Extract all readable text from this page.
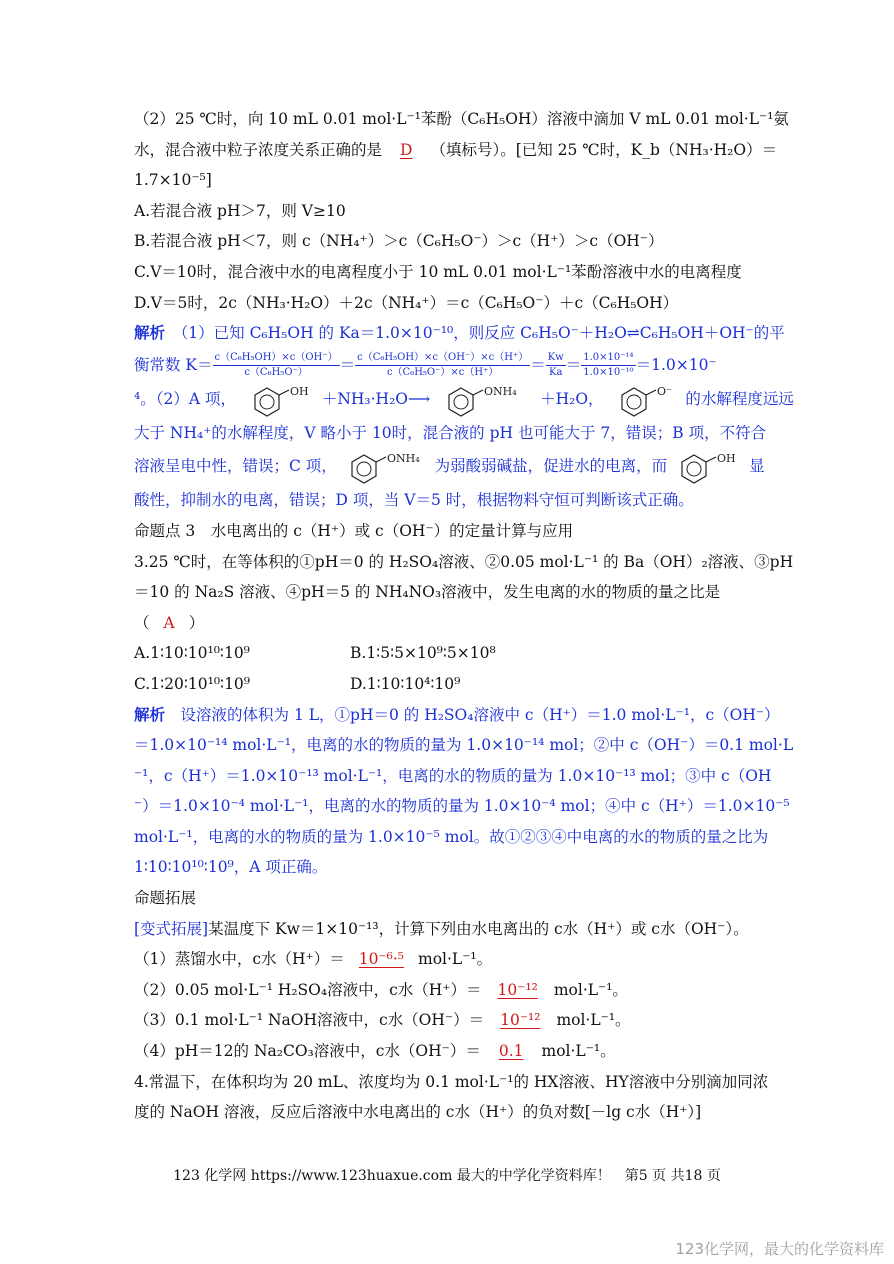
（2）25 ℃时，向 10 mL 0.01 mol·L⁻¹苯酚（C₆H₅OH）溶液中滴加 V mL 0.01 mol·L⁻¹氨
水，混合液中粒子浓度关系正确的是 D （填标号）。[已知 25 ℃时，K_b（NH₃·H₂O）＝
1.7×10⁻⁵]
A.若混合液 pH＞7，则 V≥10
B.若混合液 pH＜7，则 c（NH₄⁺）＞c（C₆H₅O⁻）＞c（H⁺）＞c（OH⁻）
C.V＝10时，混合液中水的电离程度小于 10 mL 0.01 mol·L⁻¹苯酚溶液中水的电离程度
D.V＝5时，2c（NH₃·H₂O）＋2c（NH₄⁺）＝c（C₆H₅O⁻）＋c（C₆H₅OH）
解析　 （1）已知 C₆H₅OH 的 Ka＝1.0×10⁻¹⁰，则反应 C₆H₅O⁻＋H₂O⇌C₆H₅OH＋OH⁻的平
衡常数 $K= \frac{\text{c（C₆H₅OH）×c（OH⁻）}}{\text{c（C₆H₅O⁻）}} = \frac{\text{c（C₆H₅OH）×c（OH⁻）×c（H⁺）}}{\text{c（C₆H₅O⁻）×c（H⁺）}} = \frac{Kw}{Ka} = \frac{\text{1.0×10⁻¹⁴}}{\text{1.0×10⁻¹⁰}} =1.0\times 10^-$
⁴。（2）A 项，	OH ＋NH₃·H₂O⟶	ONH₄ ＋H₂O，	O⁻ 的水解程度远远
大于 NH₄⁺的水解程度，V 略小于 10时，混合液的 pH 也可能大于 7，错误；B 项，不符合
溶液呈电中性，错误；C 项，	ONH₄ 为弱酸弱碱盐，促进水的电离，而	OH 显
酸性，抑制水的电离，错误；D 项，当 V＝5 时，根据物料守恒可判断该式正确。
命题点 3　水电离出的 c（H⁺）或 c（OH⁻）的定量计算与应用
3.25 ℃时，在等体积的①pH＝0 的 H₂SO₄溶液、②0.05 mol·L⁻¹ 的 Ba（OH）₂溶液、③pH
＝10 的 Na₂S 溶液、④pH＝5 的 NH₄NO₃溶液中，发生电离的水的物质的量之比是
（ A ）
A.1∶10∶10¹⁰∶10⁹	B.1∶5∶5×10⁹∶5×10⁸
C.1∶20∶10¹⁰∶10⁹	D.1∶10∶10⁴∶10⁹
解析　 设溶液的体积为 1 L，①pH＝0 的 H₂SO₄溶液中 c（H⁺）＝1.0 mol·L⁻¹，c（OH⁻）
＝1.0×10⁻¹⁴ mol·L⁻¹，电离的水的物质的量为 1.0×10⁻¹⁴ mol；②中 c（OH⁻）＝0.1 mol·L
⁻¹，c（H⁺）＝1.0×10⁻¹³ mol·L⁻¹，电离的水的物质的量为 1.0×10⁻¹³ mol；③中 c（OH
⁻）＝1.0×10⁻⁴ mol·L⁻¹，电离的水的物质的量为 1.0×10⁻⁴ mol；④中 c（H⁺）＝1.0×10⁻⁵
mol·L⁻¹，电离的水的物质的量为 1.0×10⁻⁵ mol。故①②③④中电离的水的物质的量之比为
1∶10∶10¹⁰∶10⁹，A 项正确。
命题拓展
[变式拓展]某温度下 Kw＝1×10⁻¹³，计算下列由水电离出的 c水（H⁺）或 c水（OH⁻）。
（1）蒸馏水中，c水（H⁺）＝ 10⁻⁶·⁵ mol·L⁻¹。
（2）0.05 mol·L⁻¹ H₂SO₄溶液中，c水（H⁺）＝ 10⁻¹² mol·L⁻¹。
（3）0.1 mol·L⁻¹ NaOH溶液中，c水（OH⁻）＝ 10⁻¹² mol·L⁻¹。
（4）pH＝12的 Na₂CO₃溶液中，c水（OH⁻）＝ 0.1 mol·L⁻¹。
4.常温下，在体积均为 20 mL、浓度均为 0.1 mol·L⁻¹的 HX溶液、HY溶液中分别滴加同浓
度的 NaOH 溶液，反应后溶液中水电离出的 c水（H⁺）的负对数[－lg c水（H⁺）]
123 化学网 https://www.123huaxue.com 最大的中学化学资料库！　第5 页 共18 页
123化学网，最大的化学资料库
